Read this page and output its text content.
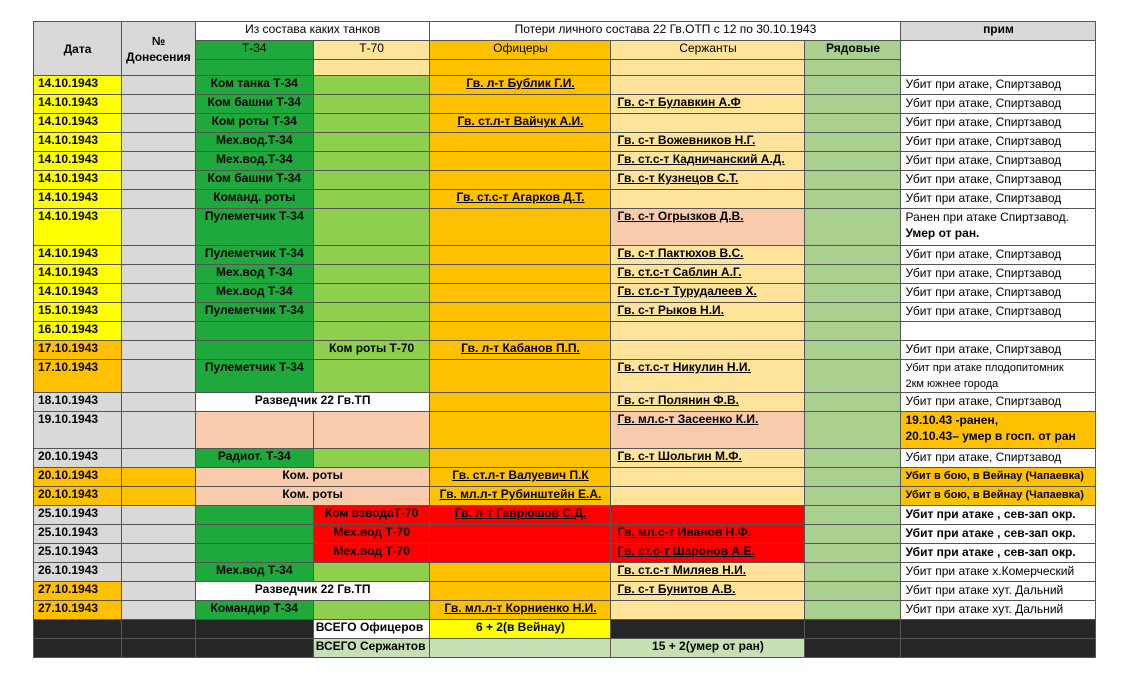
Дата	№ Донесения	Из состава каких танков		Потери личного состава 22 Гв.ОТП с 12 по 30.10.1943			прим
		Т-34	Т-70	Офицеры	Сержанты	Рядовые	

14.10.1943		Ком танка Т-34		Гв. л-т Бублик Г.И.			Убит при атаке, Спиртзавод

14.10.1943		Ком башни Т-34			Гв. с-т Булавкин А.Ф		Убит при атаке, Спиртзавод

14.10.1943		Ком роты Т-34		Гв. ст.л-т Вайчук А.И.			Убит при атаке, Спиртзавод

14.10.1943		Мех.вод.Т-34			Гв. с-т Вожевников Н.Г.		Убит при атаке, Спиртзавод

14.10.1943		Мех.вод.Т-34			Гв. ст.с-т Кадничанский А.Д.		Убит при атаке, Спиртзавод

14.10.1943		Ком башни Т-34			Гв. с-т Кузнецов С.Т.		Убит при атаке, Спиртзавод

14.10.1943		Команд. роты		Гв. ст.с-т Агарков Д.Т.			Убит при атаке, Спиртзавод

14.10.1943		Пулеметчик Т-34			Гв. с-т Огрызков Д.В.		Ранен при атаке Спиртзавод.
Умер от ран.

14.10.1943		Пулеметчик Т-34			Гв. с-т Пактюхов В.С.		Убит при атаке, Спиртзавод

14.10.1943		Мех.вод Т-34			Гв. ст.с-т Саблин А.Г.		Убит при атаке, Спиртзавод

14.10.1943		Мех.вод Т-34			Гв. ст.с-т Турудалеев Х.		Убит при атаке, Спиртзавод

15.10.1943		Пулеметчик Т-34			Гв. с-т Рыков Н.И.		Убит при атаке, Спиртзавод

16.10.1943							
17.10.1943			Ком роты Т-70	Гв. л-т Кабанов П.П.			Убит при атаке, Спиртзавод

17.10.1943		Пулеметчик Т-34			Гв. ст.с-т Никулин Н.И.		Убит при атаке плодопитомник
2км южнее города

18.10.1943		Разведчик 22 Гв.ТП			Гв. с-т Полянин Ф.В.		Убит при атаке, Спиртзавод

19.10.1943					Гв. мл.с-т Засеенко К.И.		19.10.43 -ранен,
20.10.43– умер в госп. от ран

20.10.1943		Радиот. Т-34			Гв. с-т Шольгин М.Ф.		Убит при атаке, Спиртзавод

20.10.1943		Ком. роты		Гв. ст.л-т Валуевич П.К			Убит в бою, в Вейнау (Чапаевка)

20.10.1943		Ком. роты		Гв. мл.л-т Рубинштейн Е.А.			Убит в бою, в Вейнау (Чапаевка)

25.10.1943			Ком взводаТ-70	Гв. л-т Гаврюшов С.Д.			Убит при атаке , сев-зап окр.

25.10.1943			Мех.вод Т-70		Гв. мл.с-т Иванов Н.Ф.		Убит при атаке , сев-зап окр.

25.10.1943			Мех.вод Т-70		Гв. ст.с-т Шаронов А.Е.		Убит при атаке , сев-зап окр.

26.10.1943		Мех.вод Т-34			Гв. ст.с-т Миляев Н.И.		Убит при атаке х.Комерческий

27.10.1943		Разведчик 22 Гв.ТП			Гв. с-т Бунитов А.В.		Убит при атаке хут. Дальний

27.10.1943		Командир Т-34		Гв. мл.л-т Корниенко Н.И.			Убит при атаке хут. Дальний

			ВСЕГО Офицеров	6 + 2(в Вейнау)			
			ВСЕГО Сержантов		15 + 2(умер от ран)		
